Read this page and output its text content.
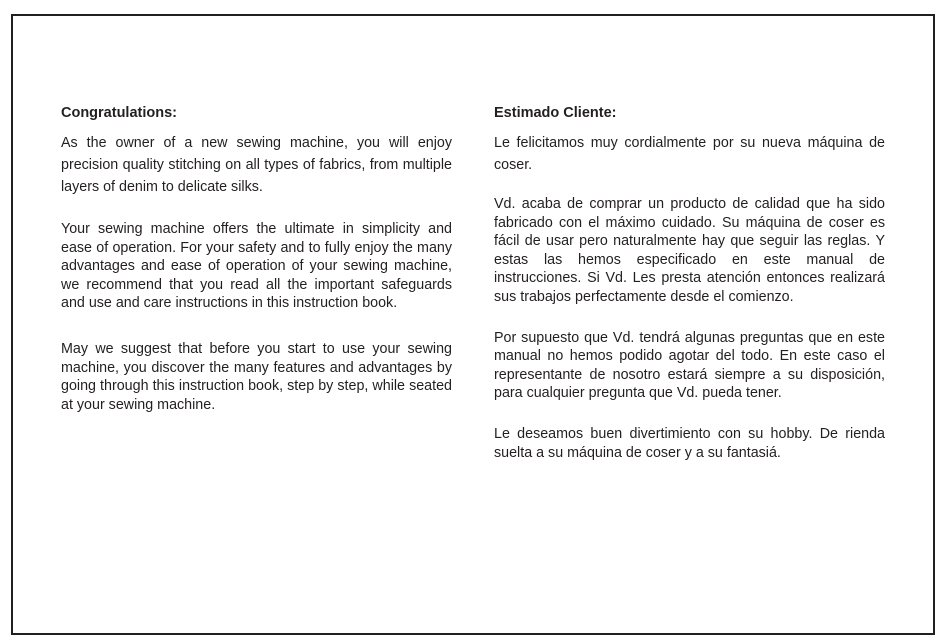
Congratulations:

As the owner of a new sewing machine, you will enjoy precision quality stitching on all types of fabrics, from multiple layers of denim to delicate silks.

Your sewing machine offers the ultimate in simplicity and ease of operation. For your safety and to fully enjoy the many advantages and ease of operation of your sewing machine, we recommend that you read all the important safeguards and use and care instructions in this instruction book.

May we suggest that before you start to use your sewing machine, you discover the many features and advantages by going through this instruction book, step by step, while seated at your sewing machine.

Estimado Cliente:

Le felicitamos muy cordialmente por su nueva máquina de coser.

Vd. acaba de comprar un producto de calidad que ha sido fabricado con el máximo cuidado. Su máquina de coser es fácil de usar pero naturalmente hay que seguir las reglas. Y estas las hemos especificado en este manual de instrucciones. Si Vd. Les presta atención entonces realizará sus trabajos perfectamente desde el comienzo.

Por supuesto que Vd. tendrá algunas preguntas que en este manual no hemos podido agotar del todo. En este caso el representante de nosotro estará siempre a su disposición, para cualquier pregunta que Vd. pueda tener.

Le deseamos buen divertimiento con su hobby. De rienda suelta a su máquina de coser y a su fantasiá.
